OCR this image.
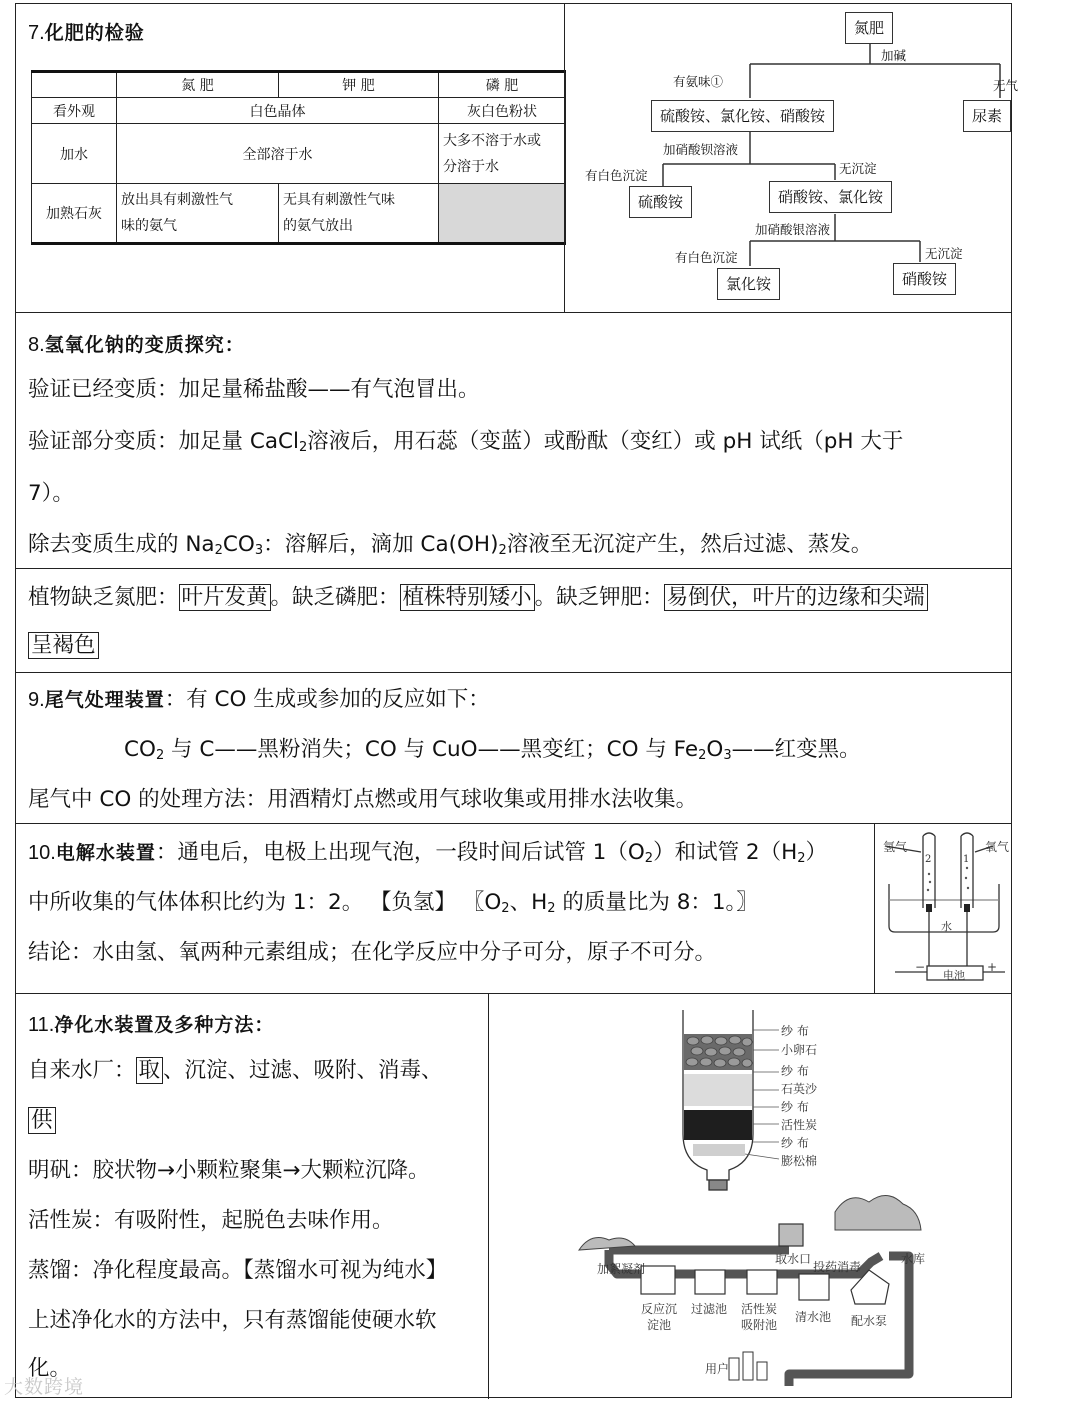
7.化肥的检验
	氮 肥	钾 肥	磷 肥
看外观	白色晶体		灰白色粉状
加水	全部溶于水		大多不溶于水或
分溶于水
加熟石灰	放出具有刺激性气
味的氨气	无具有刺激性气味
的氨气放出	
氮肥
加碱
有氨味①	无气
硫酸铵、氯化铵、硝酸铵	尿素
加硝酸钡溶液
有白色沉淀	无沉淀
硫酸铵	硝酸铵、氯化铵
加硝酸银溶液
有白色沉淀	无沉淀
氯化铵	硝酸铵
8.氢氧化钠的变质探究：
验证已经变质：加足量稀盐酸——有气泡冒出。
验证部分变质：加足量 CaCl$_2$溶液后，用石蕊（变蓝）或酚酞（变红）或 pH 试纸（pH 大于
7）。
除去变质生成的 $Na_2CO_3$：溶解后，滴加 $Ca(OH)_2$溶液至无沉淀产生，然后过滤、蒸发。
植物缺乏氮肥： 叶片发黄 。缺乏磷肥： 植株特别矮小 。缺乏钾肥： 易倒伏，叶片的边缘和尖端
呈褐色
9.尾气处理装置：有 CO 生成或参加的反应如下：
$CO_2$ 与 C——黑粉消失；CO 与 CuO——黑变红；CO 与 $Fe_2O_3——$红变黑。
尾气中 CO 的处理方法：用酒精灯点燃或用气球收集或用排水法收集。
10.电解水装置：通电后，电极上出现气泡，一段时间后试管 $1(O_2)$和试管 $2(H_2)$
中所收集的气体体积比约为 1：2。 【负氢】 〖$O_2$、$H_2$ 的质量比为 8：1。〗
结论：水由氢、氧两种元素组成；在化学反应中分子可分，原子不可分。
氢气	氧气
2	1
水
电池
−	+
11.净化水装置及多种方法：
自来水厂： 取 、沉淀、过滤、吸附、消毒、
供
明矾：胶状物→小颗粒聚集→大颗粒沉降。
活性炭：有吸附性，起脱色去味作用。
蒸馏：净化程度最高。【蒸馏水可视为纯水】
上述净化水的方法中，只有蒸馏能使硬水软
化。
纱 布
小卵石
纱 布
石英沙
纱 布
活性炭
纱 布
膨松棉
取水口	水库
加絮凝剂	投药消毒
反应沉
淀池
过滤池 活性炭
吸附池
清水池 配水泵
用户
大数跨境
